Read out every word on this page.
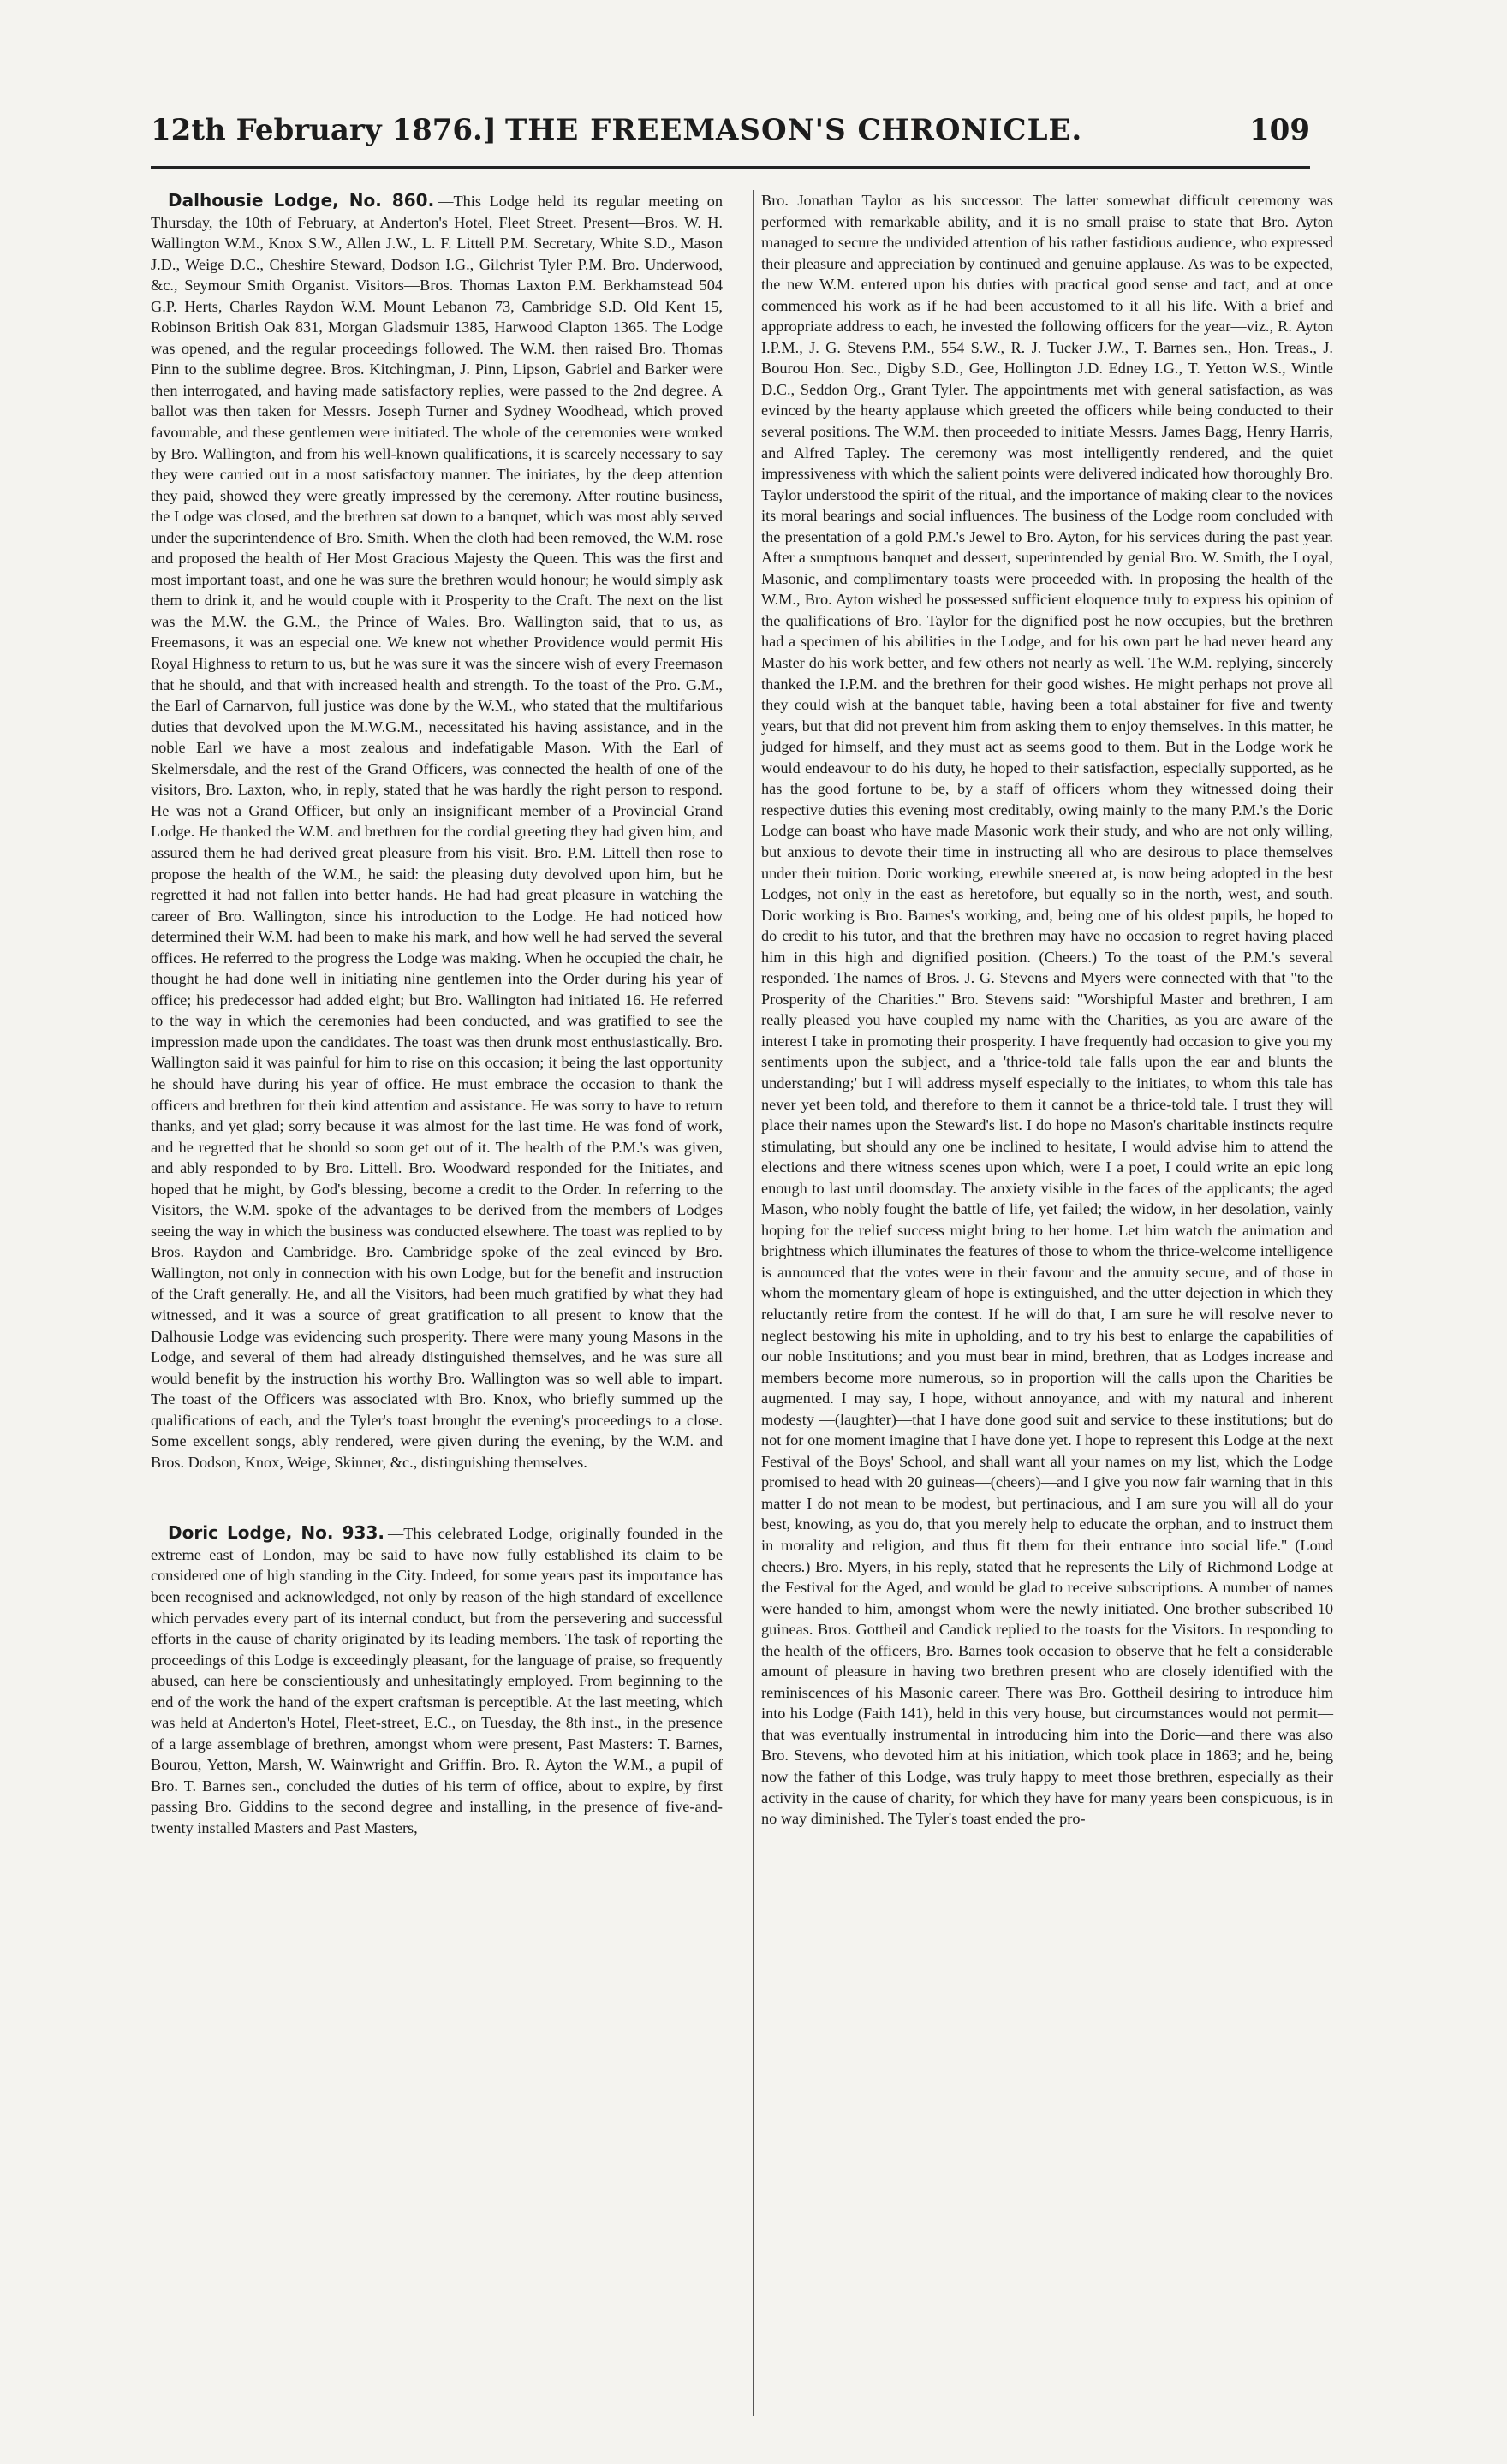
12th February 1876.] THE FREEMASON'S CHRONICLE.	109

Dalhousie Lodge, No. 860. —This Lodge held its regular meeting on Thursday, the 10th of February, at Anderton's Hotel, Fleet Street. Present—Bros. W. H. Wallington W.M., Knox S.W., Allen J.W., L. F. Littell P.M. Secretary, White S.D., Mason J.D., Weige D.C., Cheshire Steward, Dodson I.G., Gilchrist Tyler P.M. Bro. Underwood, &c., Seymour Smith Organist. Visitors—Bros. Thomas Laxton P.M. Berkhamstead 504 G.P. Herts, Charles Raydon W.M. Mount Lebanon 73, Cambridge S.D. Old Kent 15, Robinson British Oak 831, Morgan Gladsmuir 1385, Harwood Clapton 1365. The Lodge was opened, and the regular proceedings followed. The W.M. then raised Bro. Thomas Pinn to the sublime degree. Bros. Kitchingman, J. Pinn, Lipson, Gabriel and Barker were then interrogated, and having made satisfactory replies, were passed to the 2nd degree. A ballot was then taken for Messrs. Joseph Turner and Sydney Woodhead, which proved favourable, and these gentlemen were initiated. The whole of the ceremonies were worked by Bro. Wallington, and from his well-known qualifications, it is scarcely necessary to say they were carried out in a most satisfactory manner. The initiates, by the deep attention they paid, showed they were greatly impressed by the ceremony. After routine business, the Lodge was closed, and the brethren sat down to a banquet, which was most ably served under the superintendence of Bro. Smith. When the cloth had been removed, the W.M. rose and proposed the health of Her Most Gracious Majesty the Queen. This was the first and most important toast, and one he was sure the brethren would honour; he would simply ask them to drink it, and he would couple with it Prosperity to the Craft. The next on the list was the M.W. the G.M., the Prince of Wales. Bro. Wallington said, that to us, as Freemasons, it was an especial one. We knew not whether Providence would permit His Royal Highness to return to us, but he was sure it was the sincere wish of every Freemason that he should, and that with increased health and strength. To the toast of the Pro. G.M., the Earl of Carnarvon, full justice was done by the W.M., who stated that the multifarious duties that devolved upon the M.W.G.M., necessitated his having assistance, and in the noble Earl we have a most zealous and indefatigable Mason. With the Earl of Skelmersdale, and the rest of the Grand Officers, was connected the health of one of the visitors, Bro. Laxton, who, in reply, stated that he was hardly the right person to respond. He was not a Grand Officer, but only an insignificant member of a Provincial Grand Lodge. He thanked the W.M. and brethren for the cordial greeting they had given him, and assured them he had derived great pleasure from his visit. Bro. P.M. Littell then rose to propose the health of the W.M., he said: the pleasing duty devolved upon him, but he regretted it had not fallen into better hands. He had had great pleasure in watching the career of Bro. Wallington, since his introduction to the Lodge. He had noticed how determined their W.M. had been to make his mark, and how well he had served the several offices. He referred to the progress the Lodge was making. When he occupied the chair, he thought he had done well in initiating nine gentlemen into the Order during his year of office; his predecessor had added eight; but Bro. Wallington had initiated 16. He referred to the way in which the ceremonies had been conducted, and was gratified to see the impression made upon the candidates. The toast was then drunk most enthusiastically. Bro. Wallington said it was painful for him to rise on this occasion; it being the last opportunity he should have during his year of office. He must embrace the occasion to thank the officers and brethren for their kind attention and assistance. He was sorry to have to return thanks, and yet glad; sorry because it was almost for the last time. He was fond of work, and he regretted that he should so soon get out of it. The health of the P.M.'s was given, and ably responded to by Bro. Littell. Bro. Woodward responded for the Initiates, and hoped that he might, by God's blessing, become a credit to the Order. In referring to the Visitors, the W.M. spoke of the advantages to be derived from the members of Lodges seeing the way in which the business was conducted elsewhere. The toast was replied to by Bros. Raydon and Cambridge. Bro. Cambridge spoke of the zeal evinced by Bro. Wallington, not only in connection with his own Lodge, but for the benefit and instruction of the Craft generally. He, and all the Visitors, had been much gratified by what they had witnessed, and it was a source of great gratification to all present to know that the Dalhousie Lodge was evidencing such prosperity. There were many young Masons in the Lodge, and several of them had already distinguished themselves, and he was sure all would benefit by the instruction his worthy Bro. Wallington was so well able to impart. The toast of the Officers was associated with Bro. Knox, who briefly summed up the qualifications of each, and the Tyler's toast brought the evening's proceedings to a close. Some excellent songs, ably rendered, were given during the evening, by the W.M. and Bros. Dodson, Knox, Weige, Skinner, &c., distinguishing themselves.

Doric Lodge, No. 933. —This celebrated Lodge, originally founded in the extreme east of London, may be said to have now fully established its claim to be considered one of high standing in the City. Indeed, for some years past its importance has been recognised and acknowledged, not only by reason of the high standard of excellence which pervades every part of its internal conduct, but from the persevering and successful efforts in the cause of charity originated by its leading members. The task of reporting the proceedings of this Lodge is exceedingly pleasant, for the language of praise, so frequently abused, can here be conscientiously and unhesitatingly employed. From beginning to the end of the work the hand of the expert craftsman is perceptible. At the last meeting, which was held at Anderton's Hotel, Fleet-street, E.C., on Tuesday, the 8th inst., in the presence of a large assemblage of brethren, amongst whom were present, Past Masters: T. Barnes, Bourou, Yetton, Marsh, W. Wainwright and Griffin. Bro. R. Ayton the W.M., a pupil of Bro. T. Barnes sen., concluded the duties of his term of office, about to expire, by first passing Bro. Giddins to the second degree and installing, in the presence of five-and-twenty installed Masters and Past Masters,

Bro. Jonathan Taylor as his successor. The latter somewhat difficult ceremony was performed with remarkable ability, and it is no small praise to state that Bro. Ayton managed to secure the undivided attention of his rather fastidious audience, who expressed their pleasure and appreciation by continued and genuine applause. As was to be expected, the new W.M. entered upon his duties with practical good sense and tact, and at once commenced his work as if he had been accustomed to it all his life. With a brief and appropriate address to each, he invested the following officers for the year—viz., R. Ayton I.P.M., J. G. Stevens P.M., 554 S.W., R. J. Tucker J.W., T. Barnes sen., Hon. Treas., J. Bourou Hon. Sec., Digby S.D., Gee, Hollington J.D. Edney I.G., T. Yetton W.S., Wintle D.C., Seddon Org., Grant Tyler. The appointments met with general satisfaction, as was evinced by the hearty applause which greeted the officers while being conducted to their several positions. The W.M. then proceeded to initiate Messrs. James Bagg, Henry Harris, and Alfred Tapley. The ceremony was most intelligently rendered, and the quiet impressiveness with which the salient points were delivered indicated how thoroughly Bro. Taylor understood the spirit of the ritual, and the importance of making clear to the novices its moral bearings and social influences. The business of the Lodge room concluded with the presentation of a gold P.M.'s Jewel to Bro. Ayton, for his services during the past year. After a sumptuous banquet and dessert, superintended by genial Bro. W. Smith, the Loyal, Masonic, and complimentary toasts were proceeded with. In proposing the health of the W.M., Bro. Ayton wished he possessed sufficient eloquence truly to express his opinion of the qualifications of Bro. Taylor for the dignified post he now occupies, but the brethren had a specimen of his abilities in the Lodge, and for his own part he had never heard any Master do his work better, and few others not nearly as well. The W.M. replying, sincerely thanked the I.P.M. and the brethren for their good wishes. He might perhaps not prove all they could wish at the banquet table, having been a total abstainer for five and twenty years, but that did not prevent him from asking them to enjoy themselves. In this matter, he judged for himself, and they must act as seems good to them. But in the Lodge work he would endeavour to do his duty, he hoped to their satisfaction, especially supported, as he has the good fortune to be, by a staff of officers whom they witnessed doing their respective duties this evening most creditably, owing mainly to the many P.M.'s the Doric Lodge can boast who have made Masonic work their study, and who are not only willing, but anxious to devote their time in instructing all who are desirous to place themselves under their tuition. Doric working, erewhile sneered at, is now being adopted in the best Lodges, not only in the east as heretofore, but equally so in the north, west, and south. Doric working is Bro. Barnes's working, and, being one of his oldest pupils, he hoped to do credit to his tutor, and that the brethren may have no occasion to regret having placed him in this high and dignified position. (Cheers.) To the toast of the P.M.'s several responded. The names of Bros. J. G. Stevens and Myers were connected with that "to the Prosperity of the Charities." Bro. Stevens said: "Worshipful Master and brethren, I am really pleased you have coupled my name with the Charities, as you are aware of the interest I take in promoting their prosperity. I have frequently had occasion to give you my sentiments upon the subject, and a 'thrice-told tale falls upon the ear and blunts the understanding;' but I will address myself especially to the initiates, to whom this tale has never yet been told, and therefore to them it cannot be a thrice-told tale. I trust they will place their names upon the Steward's list. I do hope no Mason's charitable instincts require stimulating, but should any one be inclined to hesitate, I would advise him to attend the elections and there witness scenes upon which, were I a poet, I could write an epic long enough to last until doomsday. The anxiety visible in the faces of the applicants; the aged Mason, who nobly fought the battle of life, yet failed; the widow, in her desolation, vainly hoping for the relief success might bring to her home. Let him watch the animation and brightness which illuminates the features of those to whom the thrice-welcome intelligence is announced that the votes were in their favour and the annuity secure, and of those in whom the momentary gleam of hope is extinguished, and the utter dejection in which they reluctantly retire from the contest. If he will do that, I am sure he will resolve never to neglect bestowing his mite in upholding, and to try his best to enlarge the capabilities of our noble Institutions; and you must bear in mind, brethren, that as Lodges increase and members become more numerous, so in proportion will the calls upon the Charities be augmented. I may say, I hope, without annoyance, and with my natural and inherent modesty —(laughter)—that I have done good suit and service to these institutions; but do not for one moment imagine that I have done yet. I hope to represent this Lodge at the next Festival of the Boys' School, and shall want all your names on my list, which the Lodge promised to head with 20 guineas—(cheers)—and I give you now fair warning that in this matter I do not mean to be modest, but pertinacious, and I am sure you will all do your best, knowing, as you do, that you merely help to educate the orphan, and to instruct them in morality and religion, and thus fit them for their entrance into social life." (Loud cheers.) Bro. Myers, in his reply, stated that he represents the Lily of Richmond Lodge at the Festival for the Aged, and would be glad to receive subscriptions. A number of names were handed to him, amongst whom were the newly initiated. One brother subscribed 10 guineas. Bros. Gottheil and Candick replied to the toasts for the Visitors. In responding to the health of the officers, Bro. Barnes took occasion to observe that he felt a considerable amount of pleasure in having two brethren present who are closely identified with the reminiscences of his Masonic career. There was Bro. Gottheil desiring to introduce him into his Lodge (Faith 141), held in this very house, but circumstances would not permit—that was eventually instrumental in introducing him into the Doric—and there was also Bro. Stevens, who devoted him at his initiation, which took place in 1863; and he, being now the father of this Lodge, was truly happy to meet those brethren, especially as their activity in the cause of charity, for which they have for many years been conspicuous, is in no way diminished. The Tyler's toast ended the pro-
